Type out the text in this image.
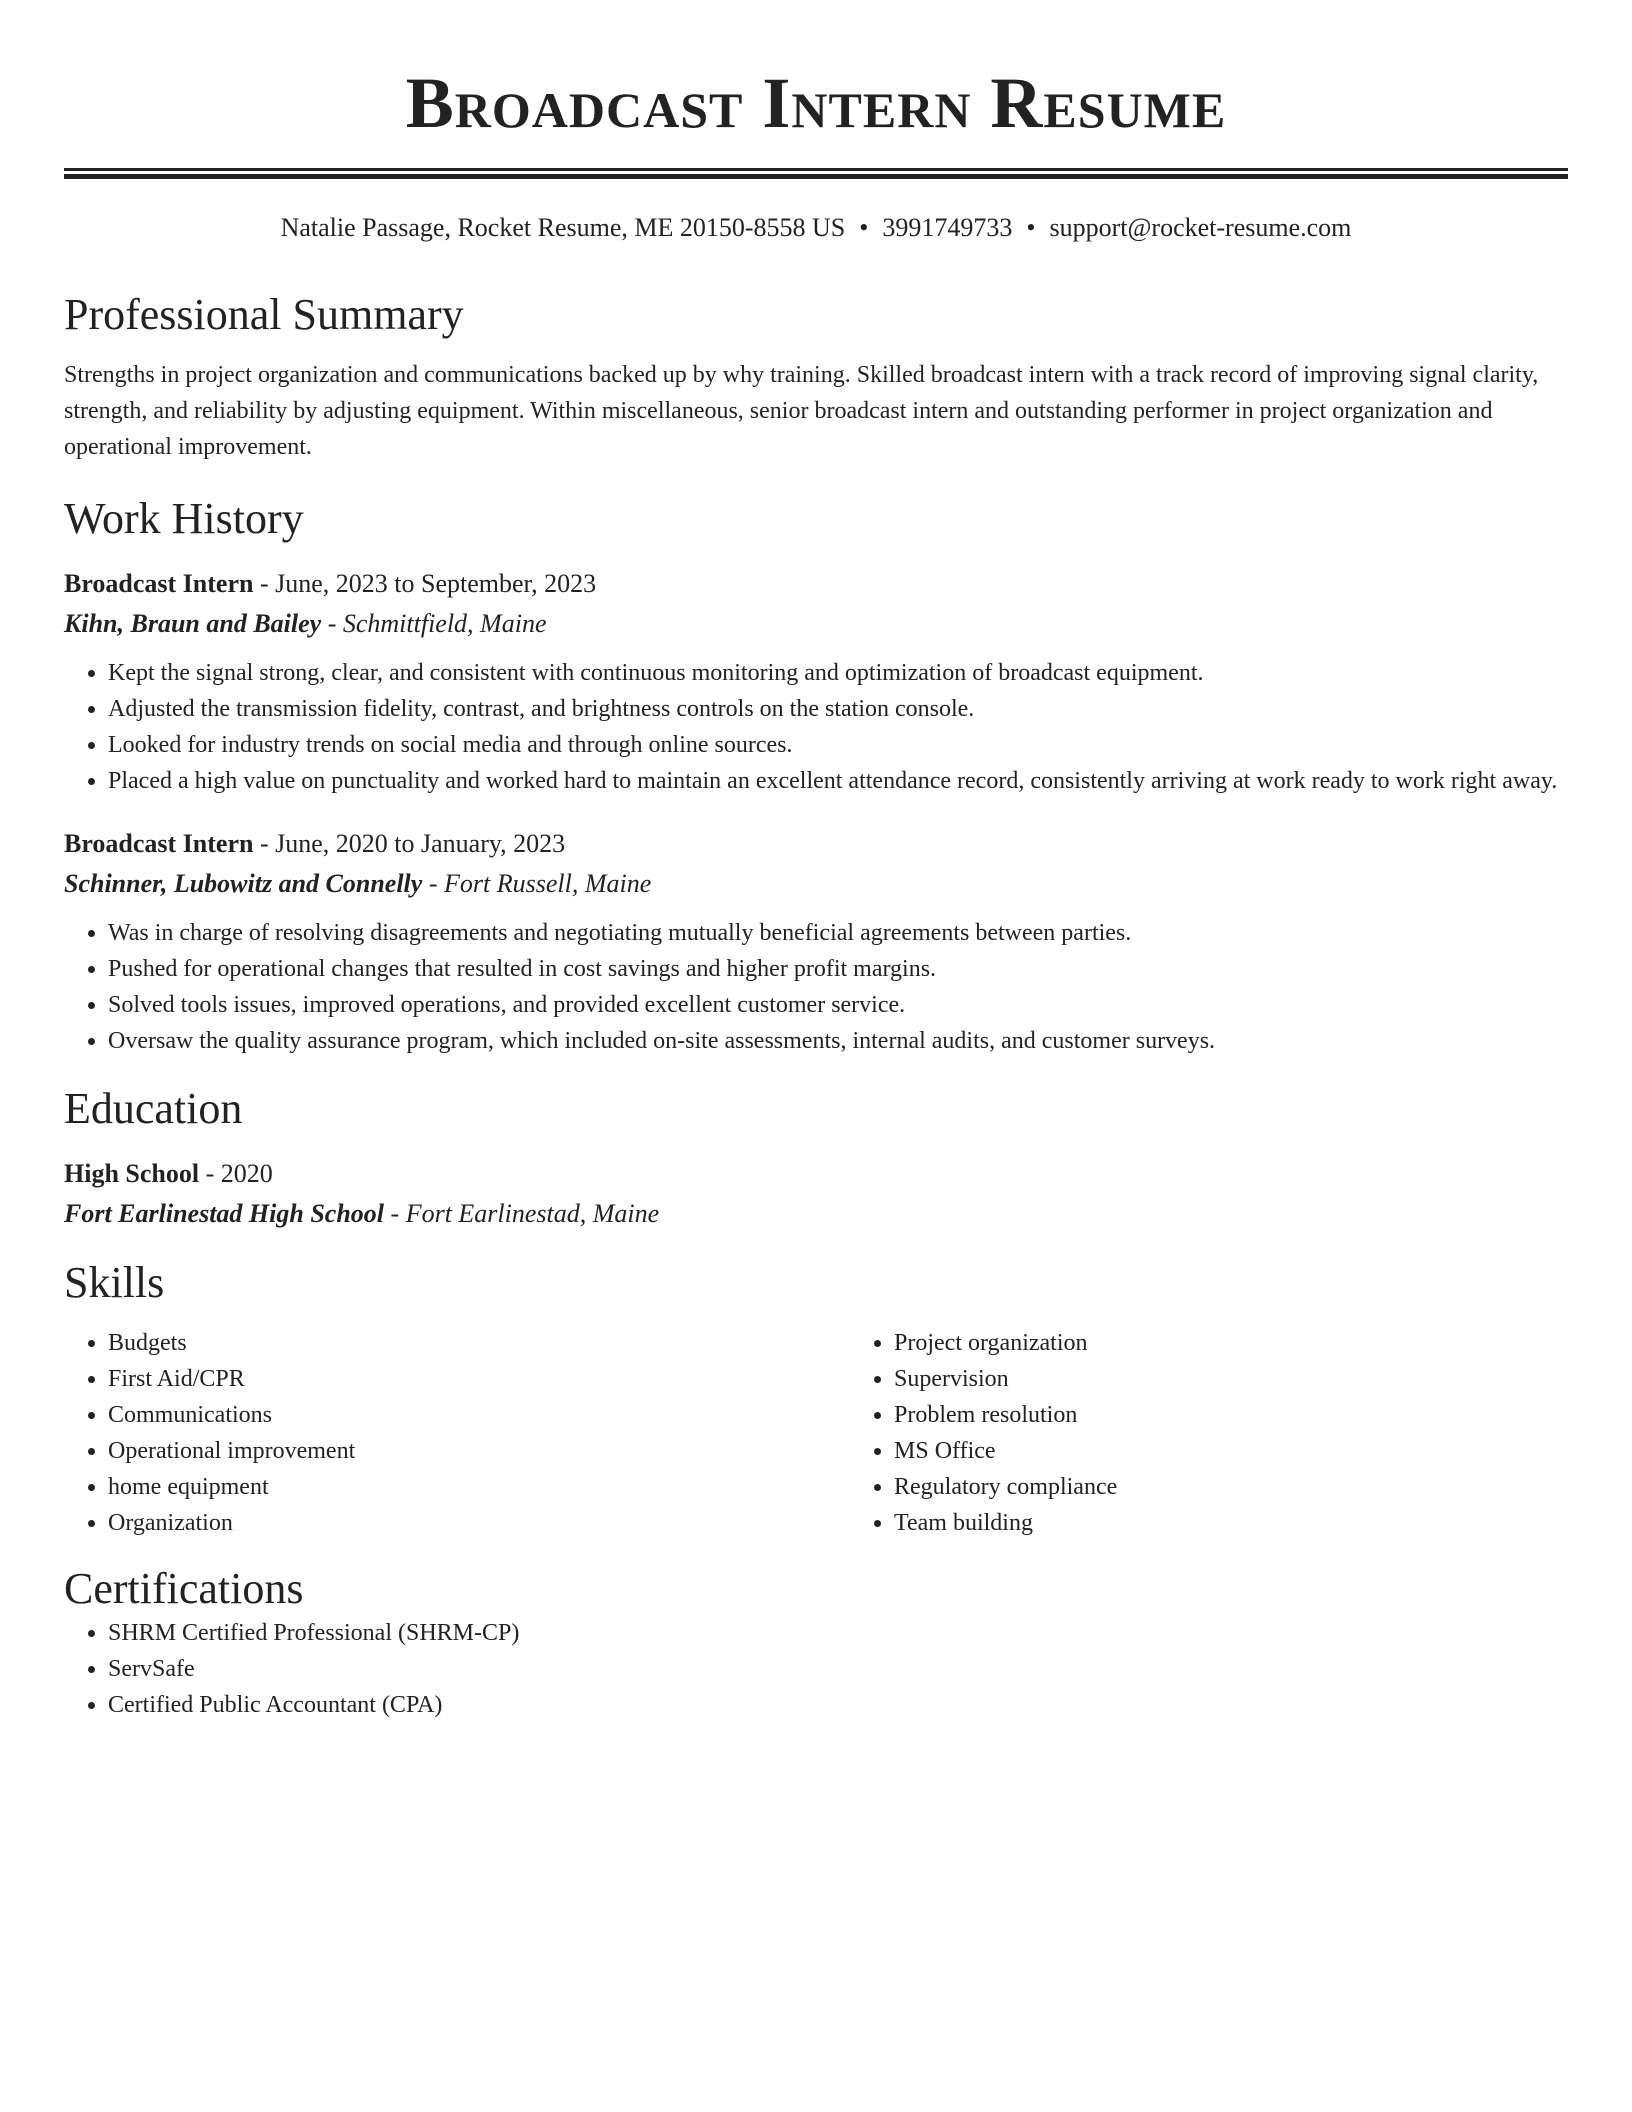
Broadcast Intern Resume
Natalie Passage, Rocket Resume, ME 20150-8558 US • 3991749733 • support@rocket-resume.com
Professional Summary

Strengths in project organization and communications backed up by why training. Skilled broadcast intern with a track record of improving signal clarity, strength, and reliability by adjusting equipment. Within miscellaneous, senior broadcast intern and outstanding performer in project organization and operational improvement.

Work History
Broadcast Intern - June, 2023 to September, 2023
Kihn, Braun and Bailey - Schmittfield, Maine
• Kept the signal strong, clear, and consistent with continuous monitoring and optimization of broadcast equipment.
• Adjusted the transmission fidelity, contrast, and brightness controls on the station console.
• Looked for industry trends on social media and through online sources.
• Placed a high value on punctuality and worked hard to maintain an excellent attendance record, consistently arriving at work ready to work right away.
Broadcast Intern - June, 2020 to January, 2023
Schinner, Lubowitz and Connelly - Fort Russell, Maine
• Was in charge of resolving disagreements and negotiating mutually beneficial agreements between parties.
• Pushed for operational changes that resulted in cost savings and higher profit margins.
• Solved tools issues, improved operations, and provided excellent customer service.
• Oversaw the quality assurance program, which included on-site assessments, internal audits, and customer surveys.
Education
High School - 2020
Fort Earlinestad High School - Fort Earlinestad, Maine
Skills
• Budgets
• First Aid/CPR
• Communications
• Operational improvement
• home equipment
• Organization
• Project organization
• Supervision
• Problem resolution
• MS Office
• Regulatory compliance
• Team building
Certifications
• SHRM Certified Professional (SHRM-CP)
• ServSafe
• Certified Public Accountant (CPA)
